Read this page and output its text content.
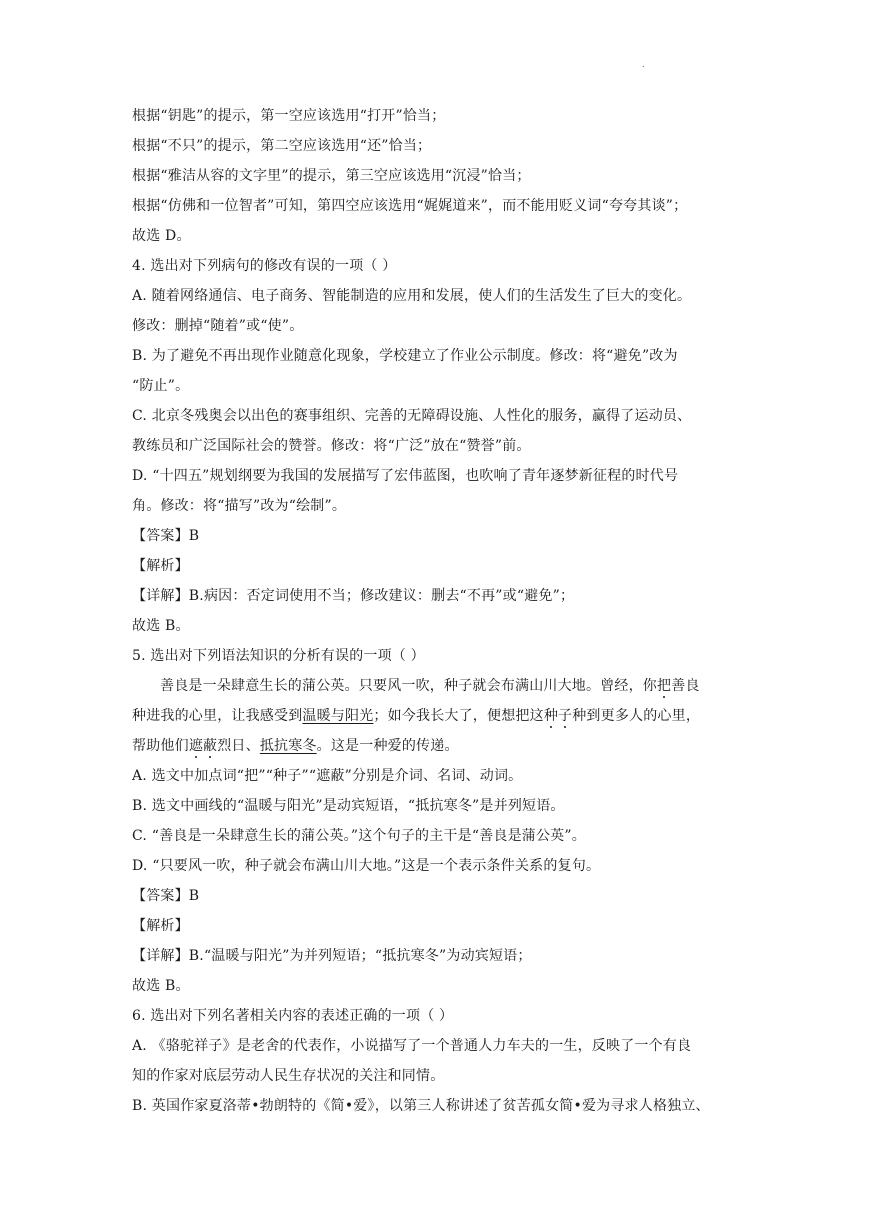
.
根据“钥匙”的提示，第一空应该选用“打开”恰当；
根据“不只”的提示，第二空应该选用“还”恰当；
根据“雅洁从容的文字里”的提示，第三空应该选用“沉浸”恰当；
根据“仿佛和一位智者”可知，第四空应该选用“娓娓道来”，而不能用贬义词“夸夸其谈”；
故选 D。
4. 选出对下列病句的修改有误的一项（ ）
A. 随着网络通信、电子商务、智能制造的应用和发展，使人们的生活发生了巨大的变化。
修改：删掉“随着”或“使”。
B. 为了避免不再出现作业随意化现象，学校建立了作业公示制度。修改：将“避免”改为
“防止”。
C. 北京冬残奥会以出色的赛事组织、完善的无障碍设施、人性化的服务，赢得了运动员、
教练员和广泛国际社会的赞誉。修改：将“广泛”放在“赞誉”前。
D. “十四五”规划纲要为我国的发展描写了宏伟蓝图，也吹响了青年逐梦新征程的时代号
角。修改：将“描写”改为“绘制”。
【答案】B
【解析】
【详解】B.病因：否定词使用不当；修改建议：删去“不再”或“避免”；
故选 B。
5. 选出对下列语法知识的分析有误的一项（ ）
善良是一朵肆意生长的蒲公英。只要风一吹，种子就会布满山川大地。曾经，你把善良
种进我的心里，让我感受到温暖与阳光；如今我长大了，便想把这种子种到更多人的心里，
帮助他们遮蔽烈日、抵抗寒冬。这是一种爱的传递。
A. 选文中加点词“把”“种子”“遮蔽”分别是介词、名词、动词。
B. 选文中画线的“温暖与阳光”是动宾短语，“抵抗寒冬”是并列短语。
C. “善良是一朵肆意生长的蒲公英。”这个句子的主干是“善良是蒲公英”。
D. “只要风一吹，种子就会布满山川大地。”这是一个表示条件关系的复句。
【答案】B
【解析】
【详解】B.“温暖与阳光”为并列短语；“抵抗寒冬”为动宾短语；
故选 B。
6. 选出对下列名著相关内容的表述正确的一项（ ）
A. 《骆驼祥子》是老舍的代表作，小说描写了一个普通人力车夫的一生，反映了一个有良
知的作家对底层劳动人民生存状况的关注和同情。
B. 英国作家夏洛蒂•勃朗特的《简•爱》，以第三人称讲述了贫苦孤女简•爱为寻求人格独立、
